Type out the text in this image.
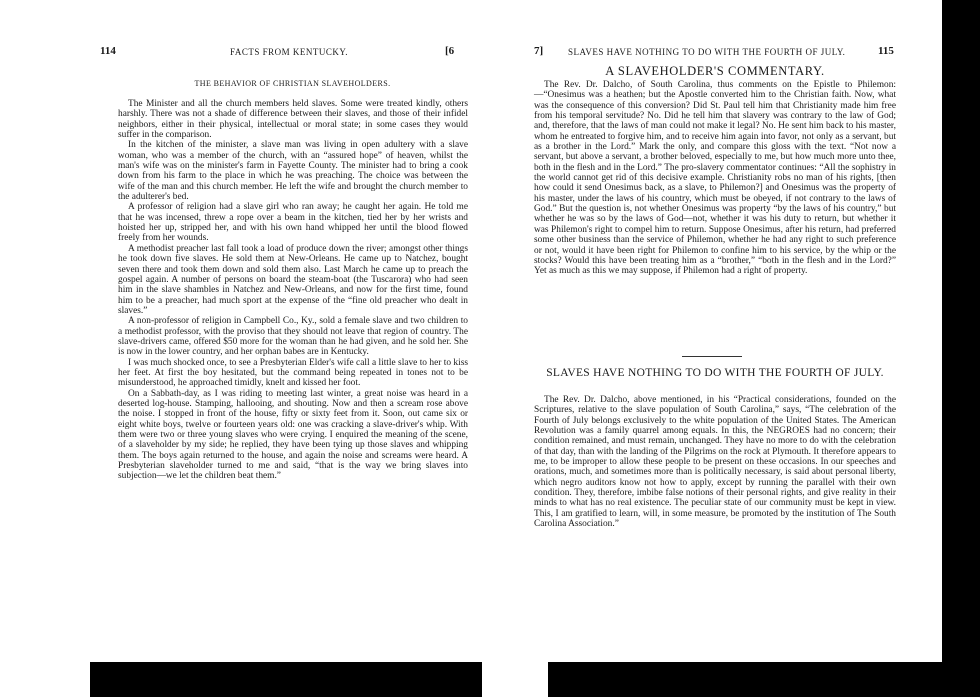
114	FACTS FROM KENTUCKY.	[6
THE BEHAVIOR OF CHRISTIAN SLAVEHOLDERS.

The Minister and all the church members held slaves. Some were treated kindly, others harshly. There was not a shade of difference between their slaves, and those of their infidel neighbors, either in their physical, intellectual or moral state; in some cases they would suffer in the comparison.

In the kitchen of the minister, a slave man was living in open adultery with a slave woman, who was a member of the church, with an “assured hope” of heaven, whilst the man's wife was on the minister's farm in Fayette County. The minister had to bring a cook down from his farm to the place in which he was preaching. The choice was between the wife of the man and this church member. He left the wife and brought the church member to the adulterer's bed.

A professor of religion had a slave girl who ran away; he caught her again. He told me that he was incensed, threw a rope over a beam in the kitchen, tied her by her wrists and hoisted her up, stripped her, and with his own hand whipped her until the blood flowed freely from her wounds.

A methodist preacher last fall took a load of produce down the river; amongst other things he took down five slaves. He sold them at New-Orleans. He came up to Natchez, bought seven there and took them down and sold them also. Last March he came up to preach the gospel again. A number of persons on board the steam-boat (the Tuscarora) who had seen him in the slave shambles in Natchez and New-Orleans, and now for the first time, found him to be a preacher, had much sport at the expense of the “fine old preacher who dealt in slaves.”

A non-professor of religion in Campbell Co., Ky., sold a female slave and two children to a methodist professor, with the proviso that they should not leave that region of country. The slave-drivers came, offered $50 more for the woman than he had given, and he sold her. She is now in the lower country, and her orphan babes are in Kentucky.

I was much shocked once, to see a Presbyterian Elder's wife call a little slave to her to kiss her feet. At first the boy hesitated, but the command being repeated in tones not to be misunderstood, he approached timidly, knelt and kissed her foot.

On a Sabbath-day, as I was riding to meeting last winter, a great noise was heard in a deserted log-house. Stamping, hallooing, and shouting. Now and then a scream rose above the noise. I stopped in front of the house, fifty or sixty feet from it. Soon, out came six or eight white boys, twelve or fourteen years old: one was cracking a slave-driver's whip. With them were two or three young slaves who were crying. I enquired the meaning of the scene, of a slaveholder by my side; he replied, they have been tying up those slaves and whipping them. The boys again returned to the house, and again the noise and screams were heard. A Presbyterian slaveholder turned to me and said, “that is the way we bring slaves into subjection—we let the children beat them.”

7]	SLAVES HAVE NOTHING TO DO WITH THE FOURTH OF JULY.	115
A SLAVEHOLDER'S COMMENTARY.

The Rev. Dr. Dalcho, of South Carolina, thus comments on the Epistle to Philemon:—“Onesimus was a heathen; but the Apostle converted him to the Christian faith. Now, what was the consequence of this conversion? Did St. Paul tell him that Christianity made him free from his temporal servitude? No. Did he tell him that slavery was contrary to the law of God; and, therefore, that the laws of man could not make it legal? No. He sent him back to his master, whom he entreated to forgive him, and to receive him again into favor, not only as a servant, but as a brother in the Lord.” Mark the only, and compare this gloss with the text. “Not now a servant, but above a servant, a brother beloved, especially to me, but how much more unto thee, both in the flesh and in the Lord.” The pro-slavery commentator continues: “All the sophistry in the world cannot get rid of this decisive example. Christianity robs no man of his rights, [then how could it send Onesimus back, as a slave, to Philemon?] and Onesimus was the property of his master, under the laws of his country, which must be obeyed, if not contrary to the laws of God.” But the question is, not whether Onesimus was property “by the laws of his country,” but whether he was so by the laws of God—not, whether it was his duty to return, but whether it was Philemon's right to compel him to return. Suppose Onesimus, after his return, had preferred some other business than the service of Philemon, whether he had any right to such preference or not, would it have been right for Philemon to confine him to his service, by the whip or the stocks? Would this have been treating him as a “brother,” “both in the flesh and in the Lord?” Yet as much as this we may suppose, if Philemon had a right of property.

SLAVES HAVE NOTHING TO DO WITH THE FOURTH OF JULY.

The Rev. Dr. Dalcho, above mentioned, in his “Practical considerations, founded on the Scriptures, relative to the slave population of South Carolina,” says, “The celebration of the Fourth of July belongs exclusively to the white population of the United States. The American Revolution was a family quarrel among equals. In this, the NEGROES had no concern; their condition remained, and must remain, unchanged. They have no more to do with the celebration of that day, than with the landing of the Pilgrims on the rock at Plymouth. It therefore appears to me, to be improper to allow these people to be present on these occasions. In our speeches and orations, much, and sometimes more than is politically necessary, is said about personal liberty, which negro auditors know not how to apply, except by running the parallel with their own condition. They, therefore, imbibe false notions of their personal rights, and give reality in their minds to what has no real existence. The peculiar state of our community must be kept in view. This, I am gratified to learn, will, in some measure, be promoted by the institution of The South Carolina Association.”
